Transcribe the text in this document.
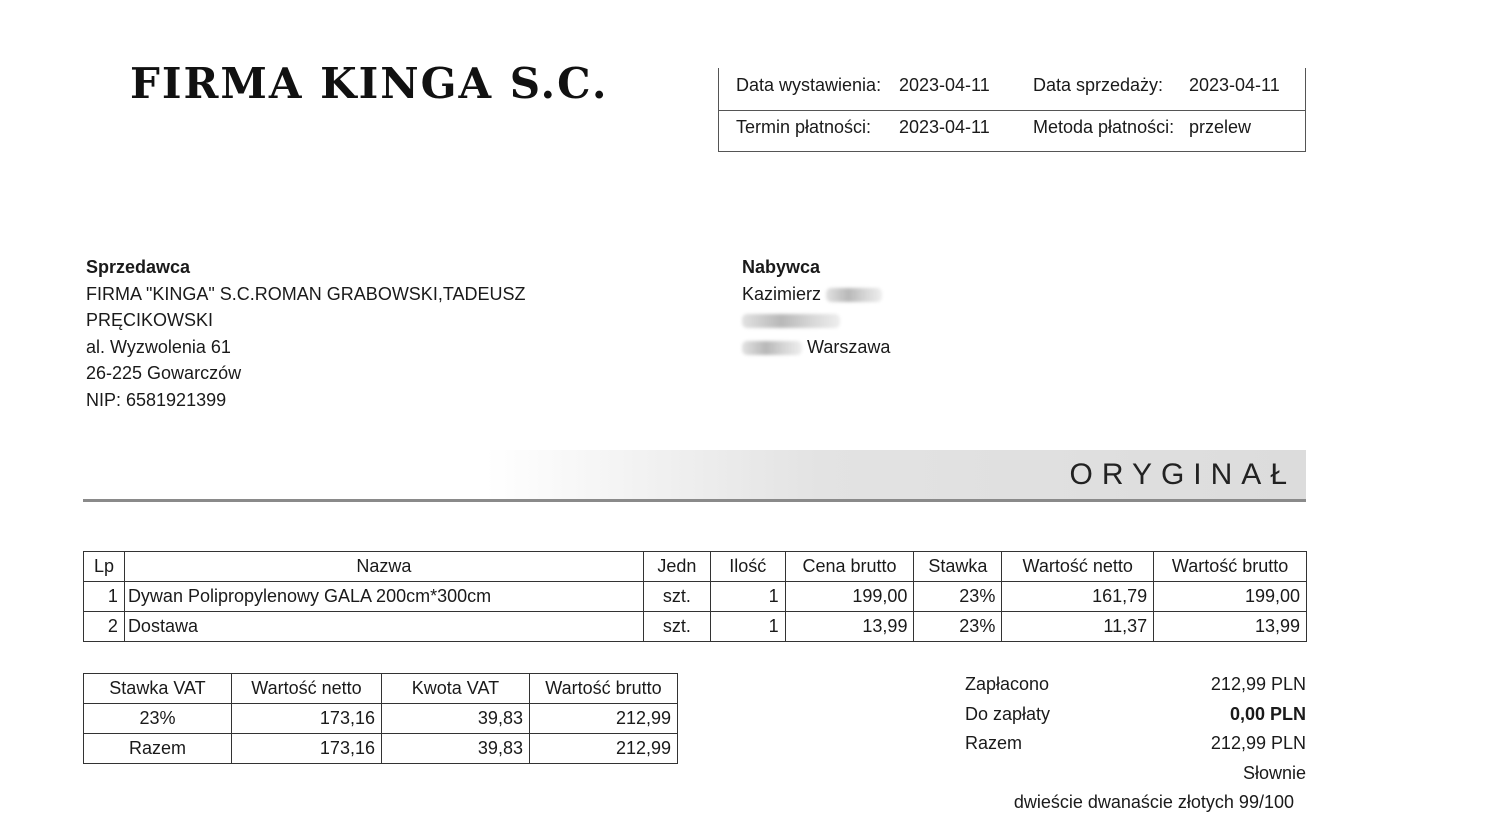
FIRMA KINGA S.C.	Data wystawienia: 2023-04-11 Data sprzedaży: 2023-04-11
Termin płatności: 2023-04-11 Metoda płatności: przelew
Sprzedawca
FIRMA "KINGA" S.C.ROMAN GRABOWSKI,TADEUSZ
PRĘCIKOWSKI
al. Wyzwolenia 61
26-225 Gowarczów
NIP: 6581921399
Nabywca
Kazimierz
Warszawa
ORYGINAŁ
Lp	Nazwa	Jedn	Ilość	Cena brutto	Stawka	Wartość netto	Wartość brutto
1	Dywan Polipropylenowy GALA 200cm*300cm	szt.	1	199,00	23%	161,79	199,00
2	Dostawa	szt.	1	13,99	23%	11,37	13,99
Stawka VAT	Wartość netto	Kwota VAT	Wartość brutto
23%	173,16	39,83	212,99
Razem	173,16	39,83	212,99
Zapłacono	212,99 PLN
Do zapłaty	0,00 PLN
Razem	212,99 PLN
Słownie
dwieście dwanaście złotych 99/100
